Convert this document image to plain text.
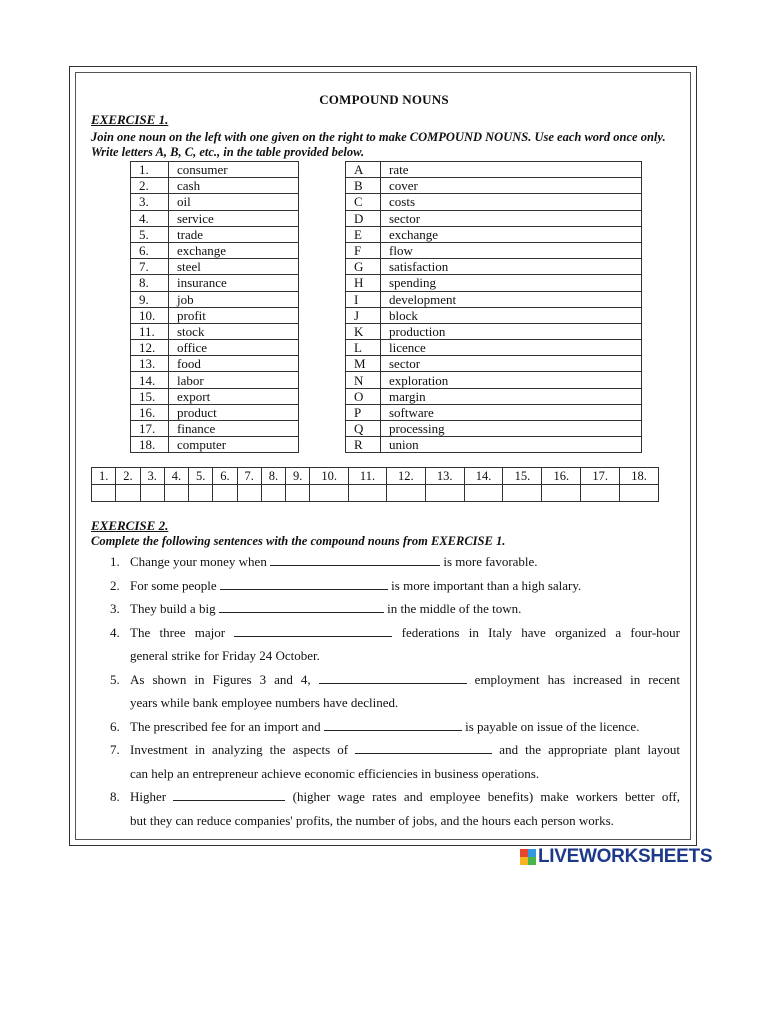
COMPOUND NOUNS
EXERCISE 1.
Join one noun on the left with one given on the right to make COMPOUND NOUNS. Use each word once only. Write letters A, B, C, etc., in the table provided below.
1.	consumer
2.	cash
3.	oil
4.	service
5.	trade
6.	exchange
7.	steel
8.	insurance
9.	job
10.	profit
11.	stock
12.	office
13.	food
14.	labor
15.	export
16.	product
17.	finance
18.	computer
A	rate
B	cover
C	costs
D	sector
E	exchange
F	flow
G	satisfaction
H	spending
I	development
J	block
K	production
L	licence
M	sector
N	exploration
O	margin
P	software
Q	processing
R	union
1.	2.	3.	4.	5.	6.	7.	8.	9.	10.	11.	12.	13.	14.	15.	16.	17.	18.

EXERCISE 2.
Complete the following sentences with the compound nouns from EXERCISE 1.
1. Change your money when	is more favorable.
2. For some people	is more important than a high salary.
3. They build a big	in the middle of the town.
4. The three major	federations in Italy have organized a four-hour
general strike for Friday 24 October.
5. As shown in Figures 3 and 4,	employment has increased in recent
years while bank employee numbers have declined.
6. The prescribed fee for an import and	is payable on issue of the licence.
7. Investment in analyzing the aspects of	and the appropriate plant layout
can help an entrepreneur achieve economic efficiencies in business operations.
8. Higher	(higher wage rates and employee benefits) make workers better off,
but they can reduce companies' profits, the number of jobs, and the hours each person works.
LIVEWORKSHEETS
